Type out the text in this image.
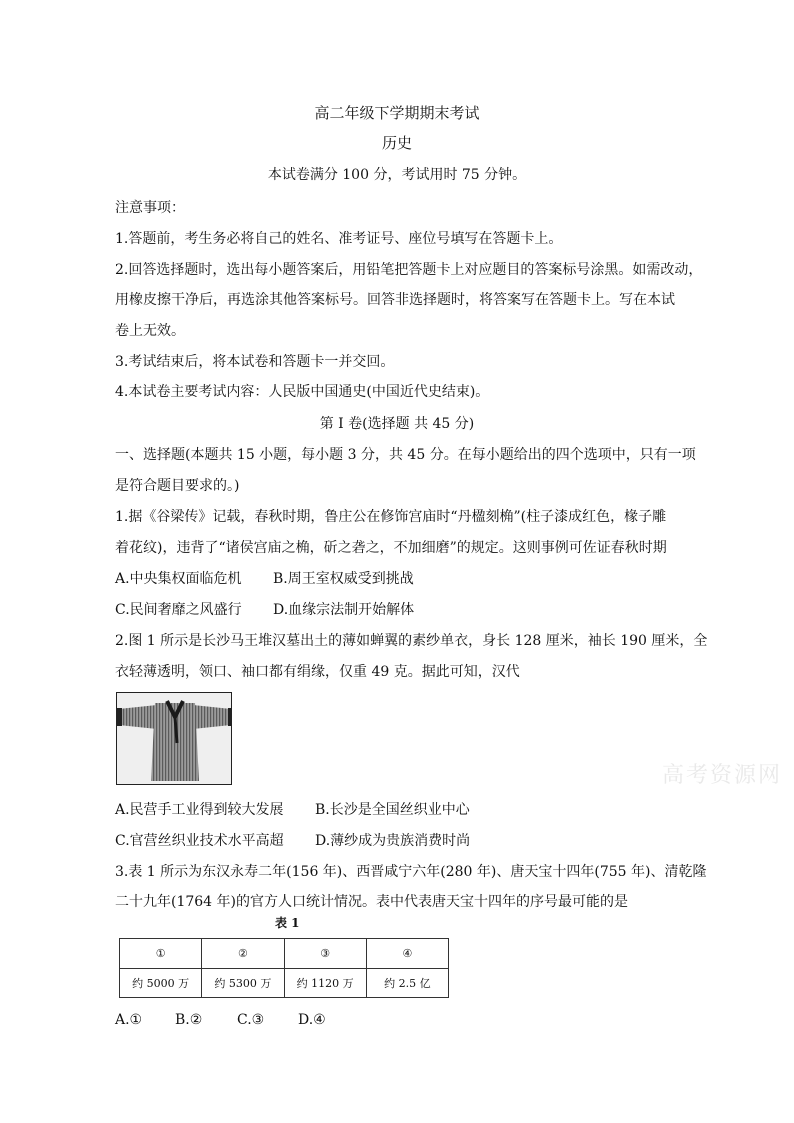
高二年级下学期期末考试
历史
本试卷满分 100 分，考试用时 75 分钟。
注意事项：
1.答题前，考生务必将自己的姓名、准考证号、座位号填写在答题卡上。
2.回答选择题时，选出每小题答案后，用铅笔把答题卡上对应题目的答案标号涂黑。如需改动，
用橡皮擦干净后，再选涂其他答案标号。回答非选择题时，将答案写在答题卡上。写在本试
卷上无效。
3.考试结束后，将本试卷和答题卡一并交回。
4.本试卷主要考试内容：人民版中国通史(中国近代史结束)。
第 I 卷(选择题 共 45 分)
一、选择题(本题共 15 小题，每小题 3 分，共 45 分。在每小题给出的四个选项中，只有一项
是符合题目要求的。)
1.据《谷梁传》记载，春秋时期，鲁庄公在修饰宫庙时“丹楹刻桷”(柱子漆成红色，椽子雕
着花纹)，违背了“诸侯宫庙之桷，斫之砻之，不加细磨”的规定。这则事例可佐证春秋时期
A.中央集权面临危机 B.周王室权威受到挑战
C.民间奢靡之风盛行 D.血缘宗法制开始解体
2.图 1 所示是长沙马王堆汉墓出土的薄如蝉翼的素纱单衣，身长 128 厘米，袖长 190 厘米，全
衣轻薄透明，领口、袖口都有绢缘，仅重 49 克。据此可知，汉代
高考资源网
A.民营手工业得到较大发展 B.长沙是全国丝织业中心
C.官营丝织业技术水平高超 D.薄纱成为贵族消费时尚
3.表 1 所示为东汉永寿二年(156 年)、西晋咸宁六年(280 年)、唐天宝十四年(755 年)、清乾隆
二十九年(1764 年)的官方人口统计情况。表中代表唐天宝十四年的序号最可能的是
表 1
①	②	③	④
约 5000 万	约 5300 万	约 1120 万	约 2.5 亿
A.① B.② C.③ D.④
